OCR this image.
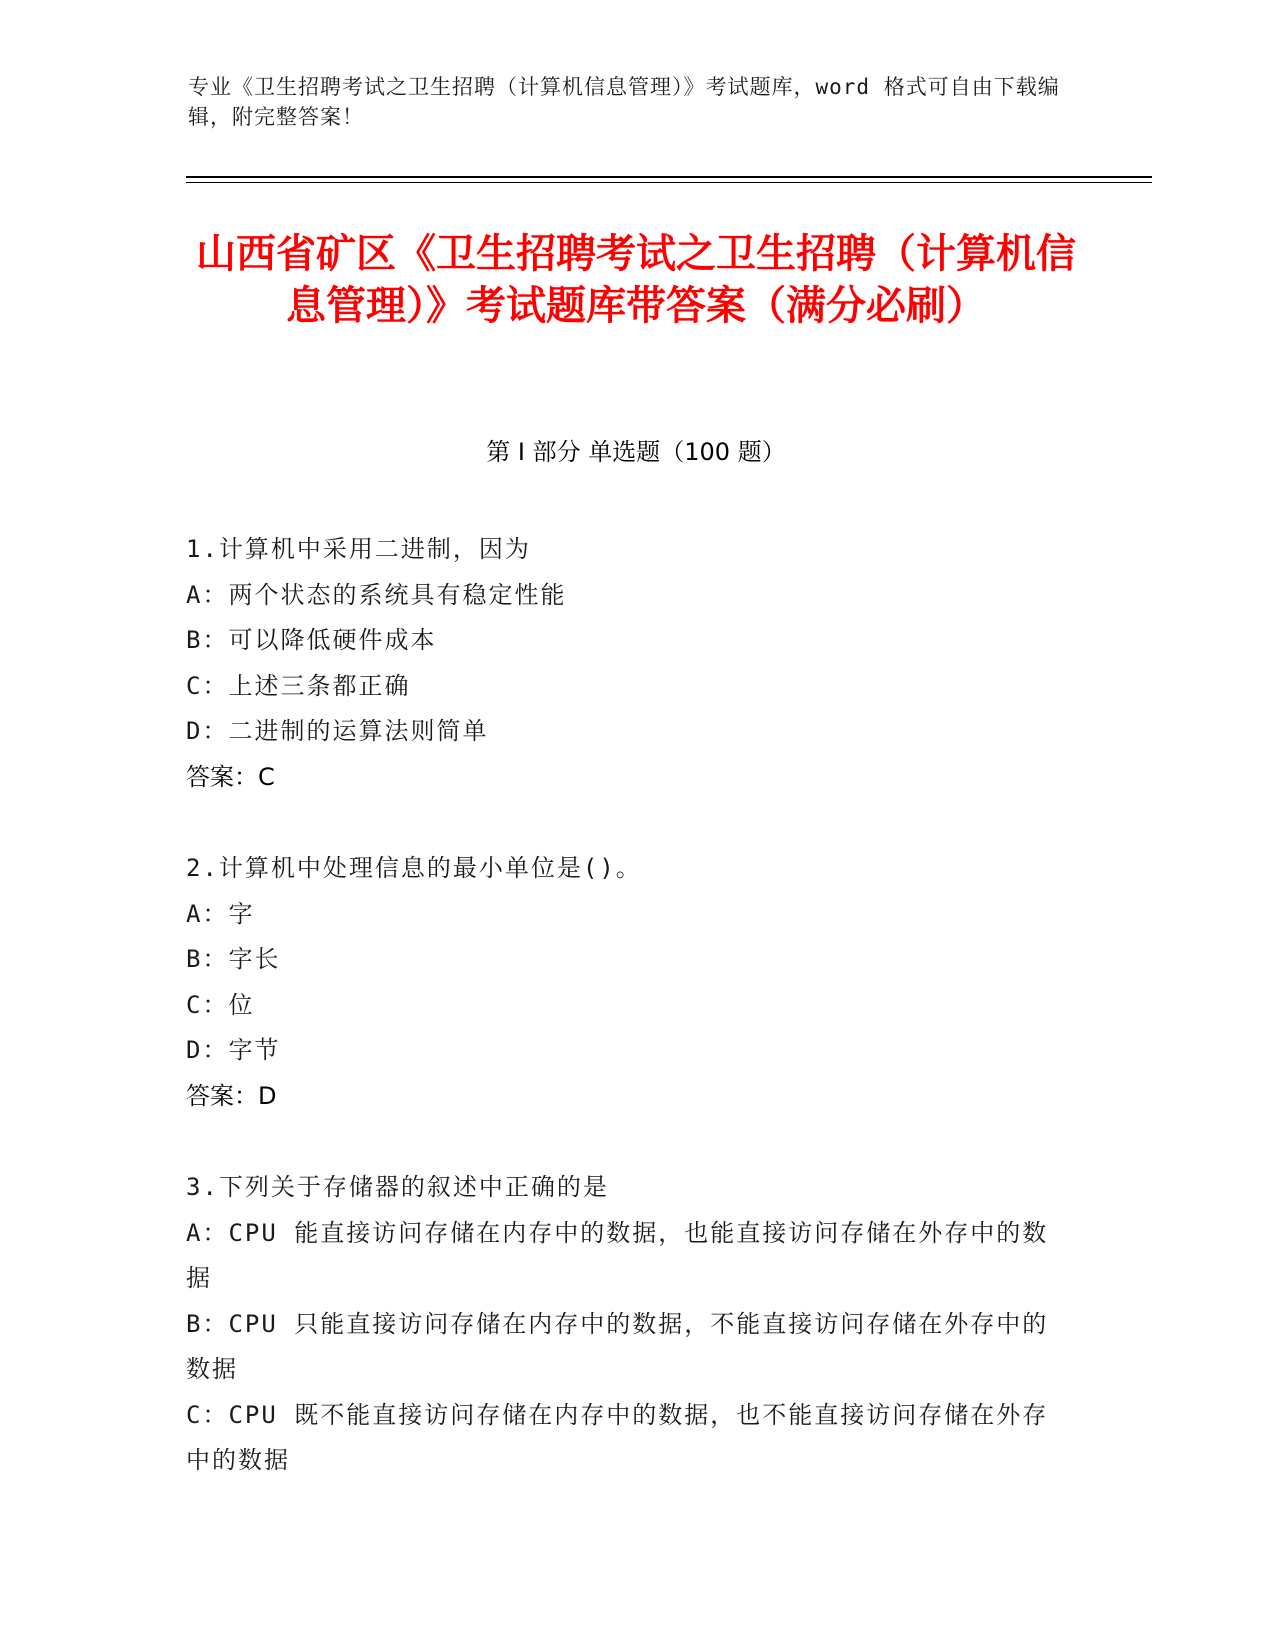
专业《卫生招聘考试之卫生招聘（计算机信息管理）》考试题库，word 格式可自由下载编辑，附完整答案！
山西省矿区《卫生招聘考试之卫生招聘（计算机信息管理）》考试题库带答案（满分必刷）
第 I 部分 单选题（100 题）

1.计算机中采用二进制，因为

A：两个状态的系统具有稳定性能

B：可以降低硬件成本

C：上述三条都正确

D：二进制的运算法则简单

答案：C

2.计算机中处理信息的最小单位是()。

A：字

B：字长

C：位

D：字节

答案：D

3.下列关于存储器的叙述中正确的是

A：CPU 能直接访问存储在内存中的数据，也能直接访问存储在外存中的数据

B：CPU 只能直接访问存储在内存中的数据，不能直接访问存储在外存中的数据

C：CPU 既不能直接访问存储在内存中的数据，也不能直接访问存储在外存中的数据
